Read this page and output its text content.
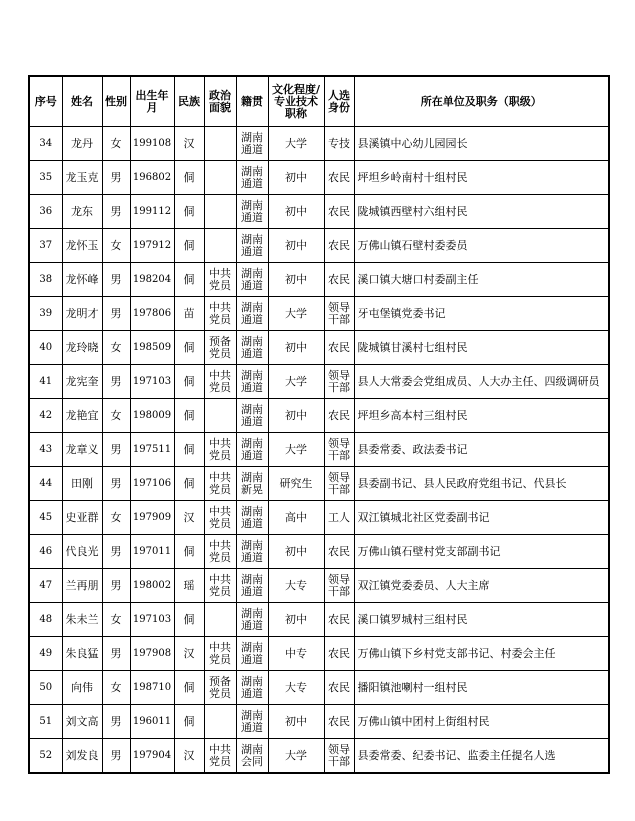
序号	姓名	性别	出生年月	民族	政治面貌	籍贯	文化程度/专业技术职称	人选身份	所在单位及职务（职级）
34	龙丹	女	199108	汉		湖南通道	大学	专技	县溪镇中心幼儿园园长
35	龙玉克	男	196802	侗		湖南通道	初中	农民	坪坦乡岭南村十组村民
36	龙东	男	199112	侗		湖南通道	初中	农民	陇城镇西壁村六组村民
37	龙怀玉	女	197912	侗		湖南通道	初中	农民	万佛山镇石壁村委委员
38	龙怀峰	男	198204	侗	中共党员	湖南通道	初中	农民	溪口镇大塘口村委副主任
39	龙明才	男	197806	苗	中共党员	湖南通道	大学	领导干部	牙屯堡镇党委书记
40	龙玲晓	女	198509	侗	预备党员	湖南通道	初中	农民	陇城镇甘溪村七组村民
41	龙宪奎	男	197103	侗	中共党员	湖南通道	大学	领导干部	县人大常委会党组成员、人大办主任、四级调研员
42	龙艳宜	女	198009	侗		湖南通道	初中	农民	坪坦乡高本村三组村民
43	龙章义	男	197511	侗	中共党员	湖南通道	大学	领导干部	县委常委、政法委书记
44	田刚	男	197106	侗	中共党员	湖南新晃	研究生	领导干部	县委副书记、县人民政府党组书记、代县长
45	史亚群	女	197909	汉	中共党员	湖南通道	高中	工人	双江镇城北社区党委副书记
46	代良光	男	197011	侗	中共党员	湖南通道	初中	农民	万佛山镇石壁村党支部副书记
47	兰再朋	男	198002	瑶	中共党员	湖南通道	大专	领导干部	双江镇党委委员、人大主席
48	朱未兰	女	197103	侗		湖南通道	初中	农民	溪口镇罗城村三组村民
49	朱良猛	男	197908	汉	中共党员	湖南通道	中专	农民	万佛山镇下乡村党支部书记、村委会主任
50	向伟	女	198710	侗	预备党员	湖南通道	大专	农民	播阳镇池喇村一组村民
51	刘文高	男	196011	侗		湖南通道	初中	农民	万佛山镇中团村上街组村民
52	刘发良	男	197904	汉	中共党员	湖南会同	大学	领导干部	县委常委、纪委书记、监委主任提名人选
